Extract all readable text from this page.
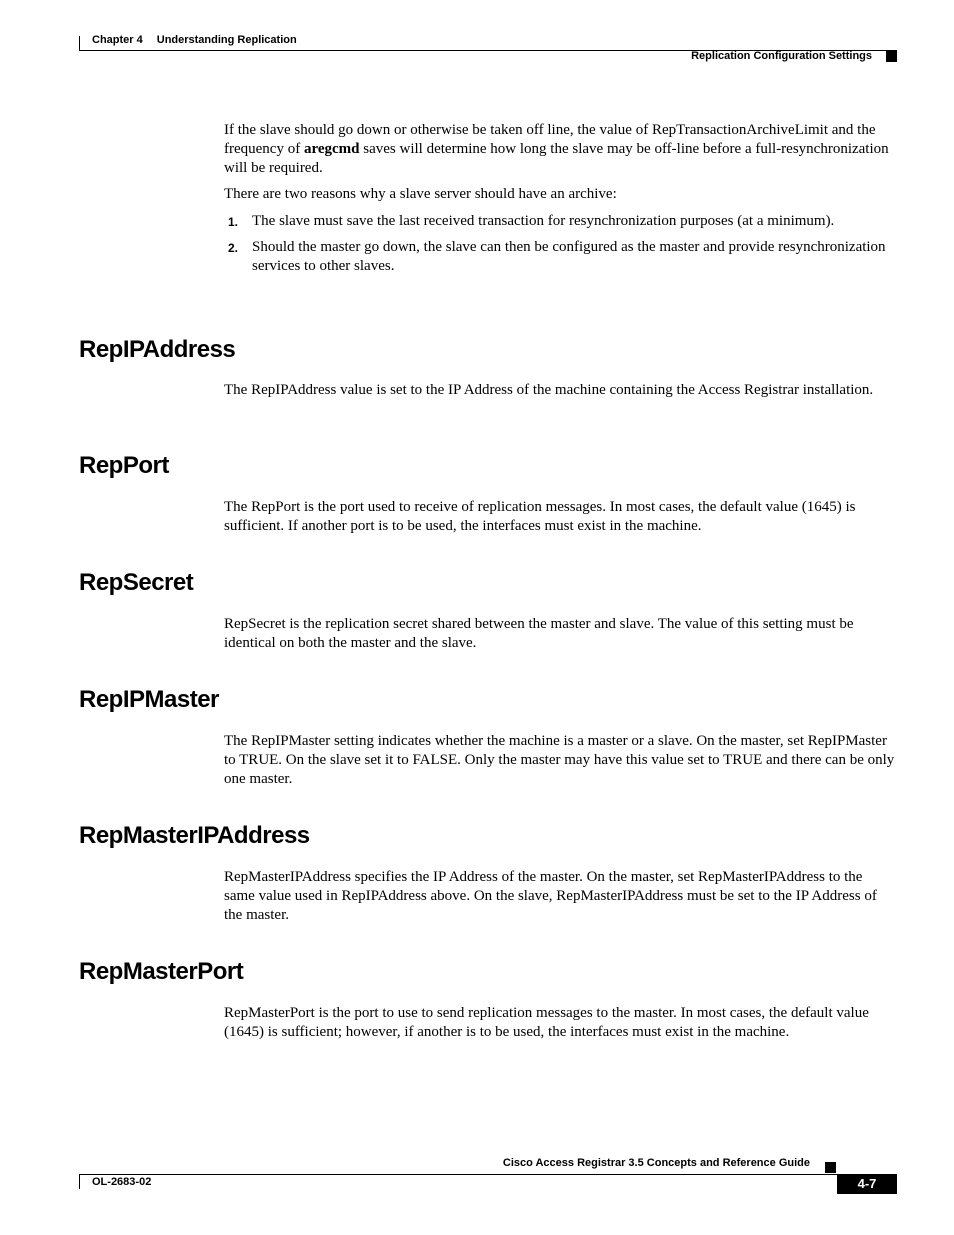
Chapter 4 Understanding Replication
Replication Configuration Settings

If the slave should go down or otherwise be taken off line, the value of RepTransactionArchiveLimit and the frequency of aregcmd saves will determine how long the slave may be off-line before a full-resynchronization will be required.

There are two reasons why a slave server should have an archive:

1. The slave must save the last received transaction for resynchronization purposes (at a minimum).
2. Should the master go down, the slave can then be configured as the master and provide resynchronization services to other slaves.
RepIPAddress

The RepIPAddress value is set to the IP Address of the machine containing the Access Registrar installation.

RepPort

The RepPort is the port used to receive of replication messages. In most cases, the default value (1645) is sufficient. If another port is to be used, the interfaces must exist in the machine.

RepSecret

RepSecret is the replication secret shared between the master and slave. The value of this setting must be identical on both the master and the slave.

RepIPMaster

The RepIPMaster setting indicates whether the machine is a master or a slave. On the master, set RepIPMaster to TRUE. On the slave set it to FALSE. Only the master may have this value set to TRUE and there can be only one master.

RepMasterIPAddress

RepMasterIPAddress specifies the IP Address of the master. On the master, set RepMasterIPAddress to the same value used in RepIPAddress above. On the slave, RepMasterIPAddress must be set to the IP Address of the master.

RepMasterPort

RepMasterPort is the port to use to send replication messages to the master. In most cases, the default value (1645) is sufficient; however, if another is to be used, the interfaces must exist in the machine.

Cisco Access Registrar 3.5 Concepts and Reference Guide
OL-2683-02	4-7
